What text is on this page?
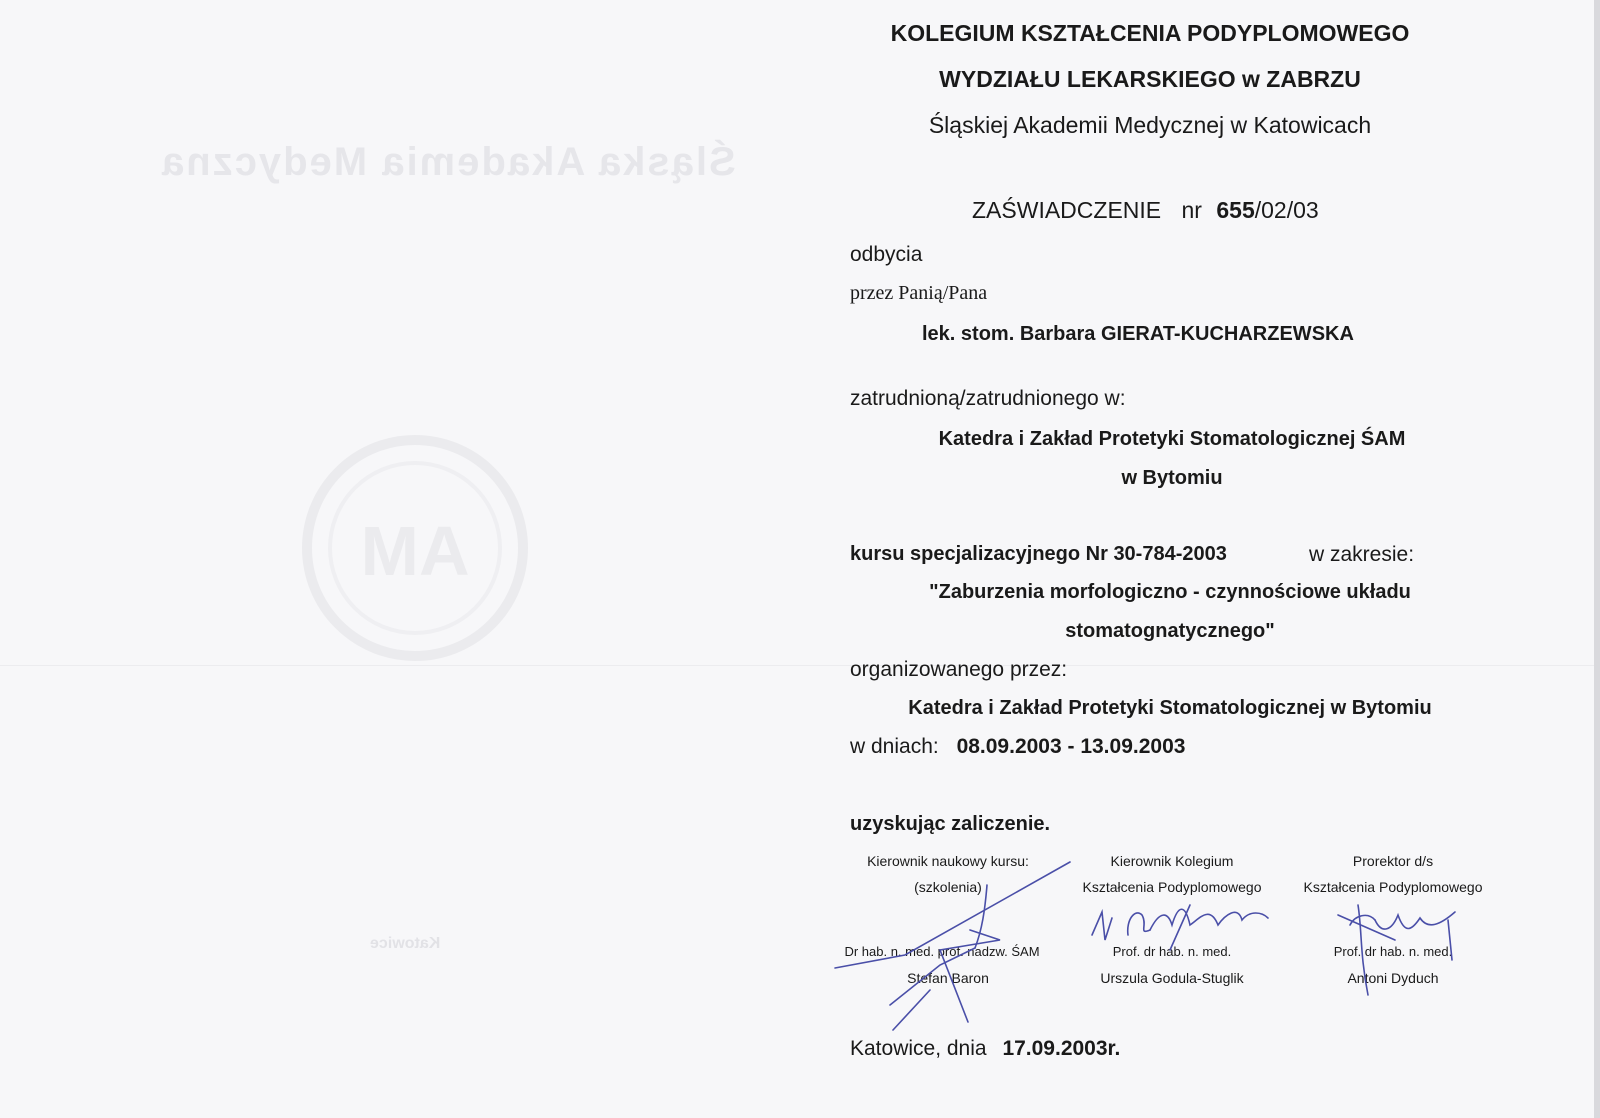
Śląska Akademia Medyczna
Katowice
AM
KOLEGIUM KSZTAŁCENIA PODYPLOMOWEGO
WYDZIAŁU LEKARSKIEGO w ZABRZU
Śląskiej Akademii Medycznej w Katowicach
ZAŚWIADCZENIE nr 655/02/03
odbycia
przez Panią/Pana
lek. stom. Barbara GIERAT-KUCHARZEWSKA
zatrudnioną/zatrudnionego w:
Katedra i Zakład Protetyki Stomatologicznej ŚAM
w Bytomiu
kursu specjalizacyjnego Nr 30-784-2003	w zakresie:
"Zaburzenia morfologiczno - czynnościowe układu
stomatognatycznego"
organizowanego przez:
Katedra i Zakład Protetyki Stomatologicznej w Bytomiu
w dniach: 08.09.2003 - 13.09.2003
uzyskując zaliczenie.
Kierownik naukowy kursu:
(szkolenia)
Dr hab. n. med. prof. nadzw. ŚAM
Stefan Baron
Kierownik Kolegium
Kształcenia Podyplomowego
Prof. dr hab. n. med.
Urszula Godula-Stuglik
Prorektor d/s
Kształcenia Podyplomowego
Prof. dr hab. n. med.
Antoni Dyduch
Katowice, dnia 17.09.2003r.
